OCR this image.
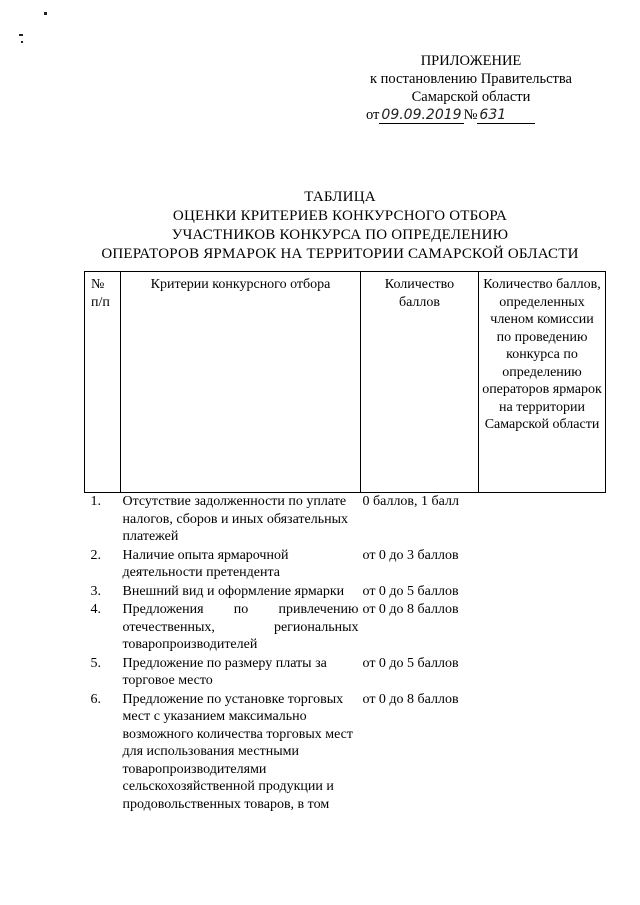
ПРИЛОЖЕНИЕ
к постановлению Правительства
Самарской области
от 09.09.2019 № 631
ТАБЛИЦА
ОЦЕНКИ КРИТЕРИЕВ КОНКУРСНОГО ОТБОРА
УЧАСТНИКОВ КОНКУРСА ПО ОПРЕДЕЛЕНИЮ
ОПЕРАТОРОВ ЯРМАРОК НА ТЕРРИТОРИИ САМАРСКОЙ ОБЛАСТИ
№ п/п	Критерии конкурсного отбора	Количество баллов	Количество баллов, определенных членом комиссии по проведению конкурса по определению операторов ярмарок на территории Самарской области
1.	Отсутствие задолженности по уплате налогов, сборов и иных обязательных платежей	0 баллов, 1 балл	
2.	Наличие опыта ярмарочной деятельности претендента	от 0 до 3 баллов	
3.	Внешний вид и оформление ярмарки	от 0 до 5 баллов	
4.	Предложения по привлечению отечественных, региональных товаропроизводителей	от 0 до 8 баллов	
5.	Предложение по размеру платы за торговое место	от 0 до 5 баллов	
6.	Предложение по установке торговых мест с указанием максимально возможного количества торговых мест для использования местными товаропроизводителями сельскохозяйственной продукции и продовольственных товаров, в том	от 0 до 8 баллов	
